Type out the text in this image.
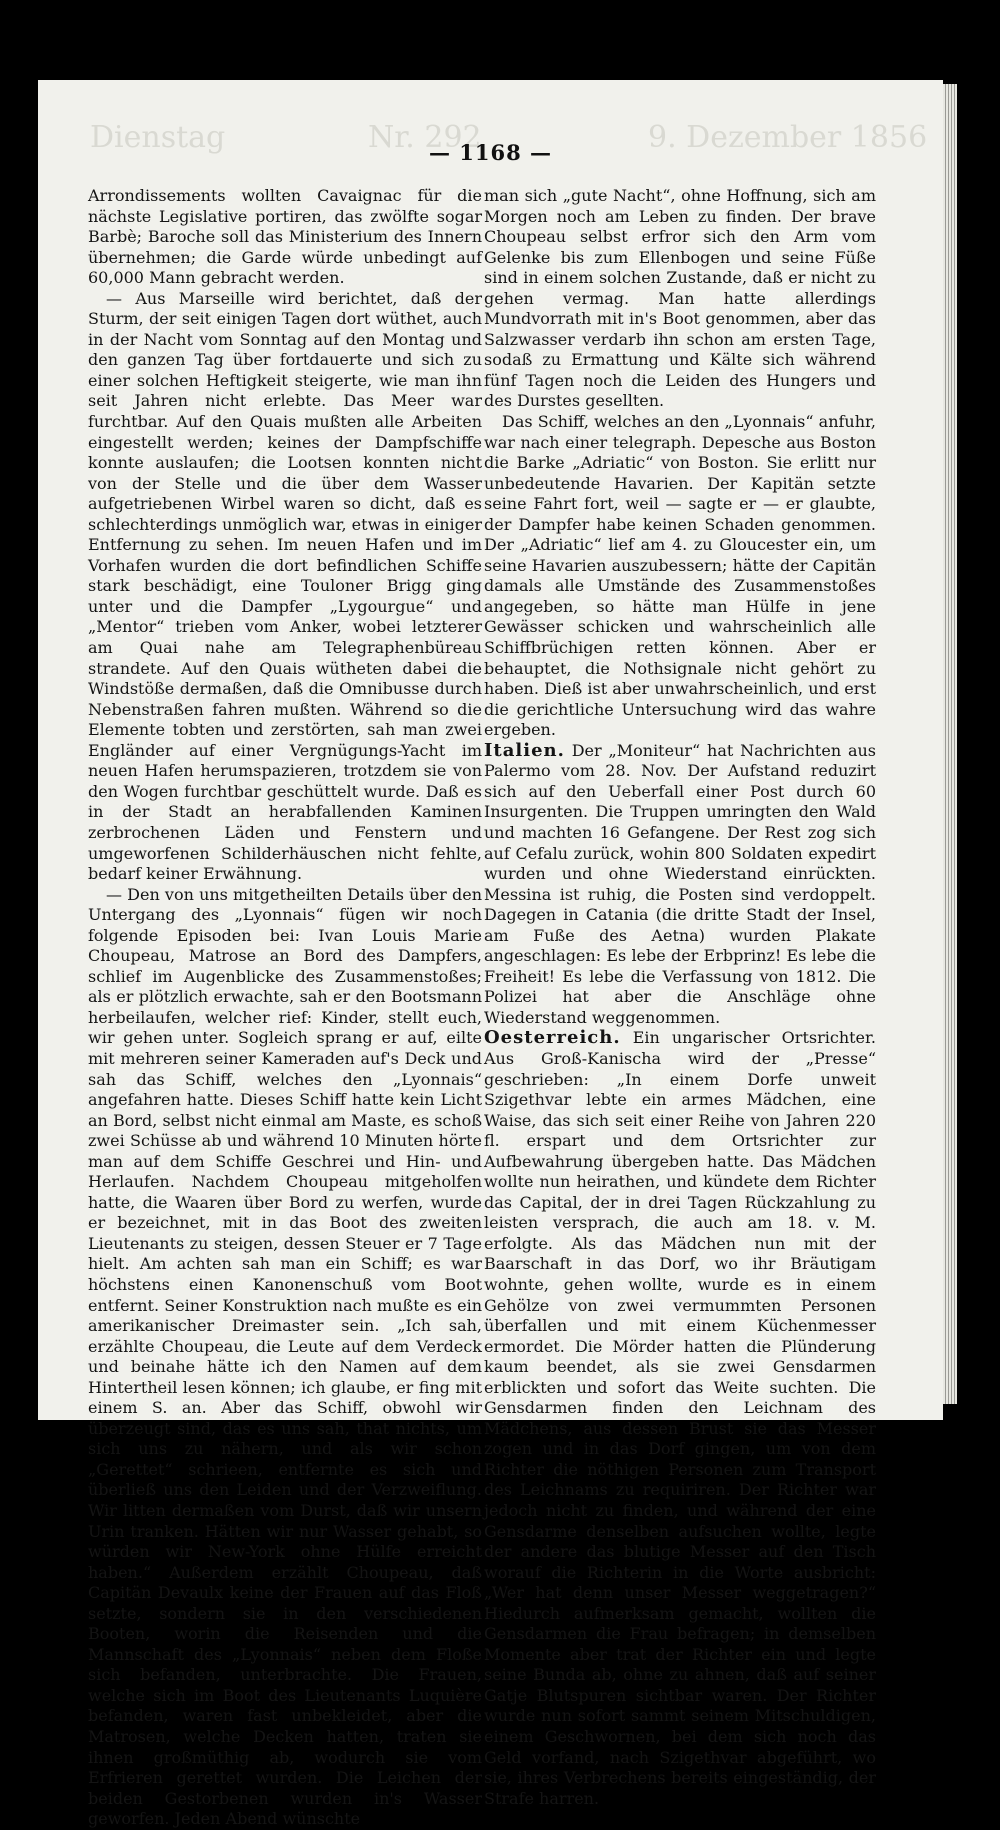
Dienstag	Nr. 292	9. Dezember 1856
— 1168 —

Arrondissements wollten Cavaignac für die nächste Legislative portiren, das zwölfte sogar Barbè; Baroche soll das Ministerium des Innern übernehmen; die Garde würde unbedingt auf 60,000 Mann gebracht werden.

— Aus Marseille wird berichtet, daß der Sturm, der seit einigen Tagen dort wüthet, auch in der Nacht vom Sonntag auf den Montag und den ganzen Tag über fortdauerte und sich zu einer solchen Heftigkeit steigerte, wie man ihn seit Jahren nicht erlebte. Das Meer war furchtbar. Auf den Quais mußten alle Arbeiten eingestellt werden; keines der Dampfschiffe konnte auslaufen; die Lootsen konnten nicht von der Stelle und die über dem Wasser aufgetriebenen Wirbel waren so dicht, daß es schlechterdings unmöglich war, etwas in einiger Entfernung zu sehen. Im neuen Hafen und im Vorhafen wurden die dort befindlichen Schiffe stark beschädigt, eine Toulоner Brigg ging unter und die Dampfer „Lygourgue“ und „Mentor“ trieben vom Anker, wobei letzterer am Quai nahe am Telegraphenbüreau strandete. Auf den Quais wütheten dabei die Windstöße dermaßen, daß die Omnibusse durch Nebenstraßen fahren mußten. Während so die Elemente tobten und zerstörten, sah man zwei Engländer auf einer Vergnügungs-Yacht im neuen Hafen herumspazieren, trotzdem sie von den Wogen furchtbar geschüttelt wurde. Daß es in der Stadt an herabfallenden Kaminen zerbrochenen Läden und Fenstern und umgeworfenen Schilderhäuschen nicht fehlte, bedarf keiner Erwähnung.

— Den von uns mitgetheilten Details über den Untergang des „Lyonnais“ fügen wir noch folgende Episoden bei: Ivan Louis Marie Choupeau, Matrose an Bord des Dampfers, schlief im Augenblicke des Zusammenstoßes; als er plötzlich erwachte, sah er den Bootsmann herbeilaufen, welcher rief: Kinder, stellt euch, wir gehen unter. Sogleich sprang er auf, eilte mit mehreren seiner Kameraden auf's Deck und sah das Schiff, welches den „Lyonnais“ angefahren hatte. Dieses Schiff hatte kein Licht an Bord, selbst nicht einmal am Maste, es schoß zwei Schüsse ab und während 10 Minuten hörte man auf dem Schiffe Geschrei und Hin- und Herlaufen. Nachdem Choupeau mitgeholfen hatte, die Waaren über Bord zu werfen, wurde er bezeichnet, mit in das Boot des zweiten Lieutenants zu steigen, dessen Steuer er 7 Tage hielt. Am achten sah man ein Schiff; es war höchstens einen Kanonenschuß vom Boot entfernt. Seiner Konstruktion nach mußte es ein amerikanischer Dreimaster sein. „Ich sah, erzählte Choupeau, die Leute auf dem Verdeck und beinahe hätte ich den Namen auf dem Hintertheil lesen können; ich glaube, er fing mit einem S. an. Aber das Schiff, obwohl wir überzeugt sind, das es uns sah, that nichts, um sich uns zu nähern, und als wir schon „Gerettet“ schrieen, entfernte es sich und überließ uns den Leiden und der Verzweiflung. Wir litten dermaßen vom Durst, daß wir unsern Urin tranken. Hätten wir nur Wasser gehabt, so würden wir New-York ohne Hülfe erreicht haben.“ Außerdem erzählt Choupeau, daß Capitän Devaulx keine der Frauen auf das Floß setzte, sondern sie in den verschiedenen Booten, worin die Reisenden und die Mannschaft des „Lyonnais“ neben dem Floße sich befanden, unterbrachte. Die Frauen, welche sich im Boot des Lieutenants Luquière befanden, waren fast unbekleidet, aber die Matrosen, welche Decken hatten, traten sie ihnen großmüthig ab, wodurch sie vom Erfrieren gerettet wurden. Die Leichen der beiden Gestorbenen wurden in's Wasser geworfen. Jeden Abend wünschte

man sich „gute Nacht“, ohne Hoffnung, sich am Morgen noch am Leben zu finden. Der brave Choupeau selbst erfror sich den Arm vom Gelenke bis zum Ellenbogen und seine Füße sind in einem solchen Zustande, daß er nicht zu gehen vermag. Man hatte allerdings Mundvorrath mit in's Boot genommen, aber das Salzwasser verdarb ihn schon am ersten Tage, sodaß zu Ermattung und Kälte sich während fünf Tagen noch die Leiden des Hungers und des Durstes gesellten.

Das Schiff, welches an den „Lyonnais“ anfuhr, war nach einer telegraph. Depesche aus Boston die Barke „Adriatic“ von Boston. Sie erlitt nur unbedeutende Havarien. Der Kapitän setzte seine Fahrt fort, weil — sagte er — er glaubte, der Dampfer habe keinen Schaden genommen. Der „Adriatic“ lief am 4. zu Gloucester ein, um seine Havarien auszubessern; hätte der Capitän damals alle Umstände des Zusammenstoßes angegeben, so hätte man Hülfe in jene Gewässer schicken und wahrscheinlich alle Schiffbrüchigen retten können. Aber er behauptet, die Nothsignale nicht gehört zu haben. Dieß ist aber unwahrscheinlich, und erst die gerichtliche Untersuchung wird das wahre ergeben.

Italien. Der „Moniteur“ hat Nachrichten aus Palermo vom 28. Nov. Der Aufstand reduzirt sich auf den Ueberfall einer Post durch 60 Insurgenten. Die Truppen umringten den Wald und machten 16 Gefangene. Der Rest zog sich auf Cefalu zurück, wohin 800 Soldaten expedirt wurden und ohne Wiederstand einrückten. Messina ist ruhig, die Posten sind verdoppelt. Dagegen in Catania (die dritte Stadt der Insel, am Fuße des Aetna) wurden Plakate angeschlagen: Es lebe der Erbprinz! Es lebe die Freiheit! Es lebe die Verfassung von 1812. Die Polizei hat aber die Anschläge ohne Wiederstand weggenommen.

Oesterreich. Ein ungarischer Ortsrichter. Aus Groß-Kanischa wird der „Presse“ geschrieben: „In einem Dorfe unweit Szigethvar lebte ein armes Mädchen, eine Waise, das sich seit einer Reihe von Jahren 220 fl. erspart und dem Ortsrichter zur Aufbewahrung übergeben hatte. Das Mädchen wollte nun heirathen, und kündete dem Richter das Capital, der in drei Tagen Rückzahlung zu leisten versprach, die auch am 18. v. M. erfolgte. Als das Mädchen nun mit der Baarschaft in das Dorf, wo ihr Bräutigam wohnte, gehen wollte, wurde es in einem Gehölze von zwei vermummten Personen überfallen und mit einem Küchenmesser ermordet. Die Mörder hatten die Plünderung kaum beendet, als sie zwei Gensdarmen erblickten und sofort das Weite suchten. Die Gensdarmen finden den Leichnam des Mädchens, aus dessen Brust sie das Messer zogen und in das Dorf gingen, um von dem Richter die nöthigen Personen zum Transport des Leichnams zu requiriren. Der Richter war jedoch nicht zu finden, und während der eine Gensdarme denselben aufsuchen wollte, legte der andere das blutige Messer auf den Tisch worauf die Richterin in die Worte ausbricht: „Wer hat denn unser Messer weggetragen?“ Hiedurch aufmerksam gemacht, wollten die Gensdarmen die Frau befragen; in demselben Momente aber trat der Richter ein und legte seine Bunda ab, ohne zu ahnen, daß auf seiner Gatje Blutspuren sichtbar waren. Der Richter wurde nun sofort sammt seinem Mitschuldigen, einem Geschwornen, bei dem sich noch das Geld vorfand, nach Szigethvar abgeführt, wo sie, ihres Verbrechens bereits eingeständig, der Strafe harren.
